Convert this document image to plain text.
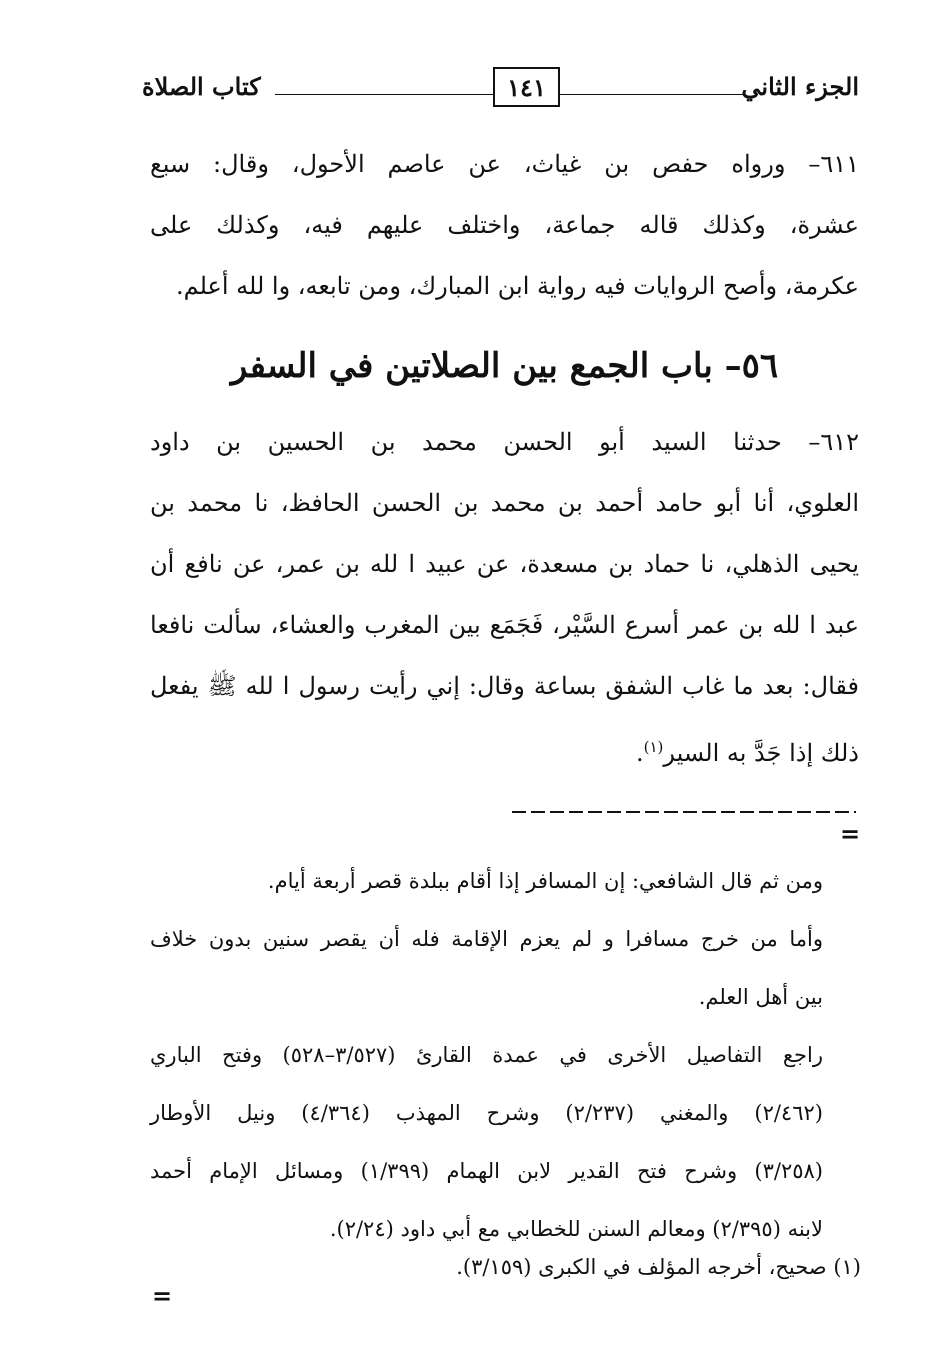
الجزء الثاني
١٤١
كتاب الصلاة
٦١١– ورواه حفص بن غياث، عن عاصم الأحول، وقال: سبع
عشرة، وكذلك قاله جماعة، واختلف عليهم فيه، وكذلك على
عكرمة، وأصح الروايات فيه رواية ابن المبارك، ومن تابعه، وا لله أعلم.
٥٦– باب الجمع بين الصلاتين في السفر
٦١٢– حدثنا السيد أبو الحسن محمد بن الحسين بن داود
العلوي، أنا أبو حامد أحمد بن محمد بن الحسن الحافظ، نا محمد بن
يحيى الذهلي، نا حماد بن مسعدة، عن عبيد ا لله بن عمر، عن نافع أن
عبد ا لله بن عمر أسرع السَّيْر، فَجَمَع بين المغرب والعشاء، سألت نافعا
فقال: بعد ما غاب الشفق بساعة وقال: إني رأيت رسول ا لله ﷺ يفعل
ذلك إذا جَدَّ به السير$^{(١)}$.
=
ومن ثم قال الشافعي: إن المسافر إذا أقام ببلدة قصر أربعة أيام.
وأما من خرج مسافرا و لم يعزم الإقامة فله أن يقصر سنين بدون خلاف
بين أهل العلم.
راجع التفاصيل الأخرى في عمدة القارئ (٣/٥٢٧–٥٢٨) وفتح الباري
(٢/٤٦٢) والمغني (٢/٢٣٧) وشرح المهذب (٤/٣٦٤) ونيل الأوطار
(٣/٢٥٨) وشرح فتح القدير لابن الهمام (١/٣٩٩) ومسائل الإمام أحمد
لابنه (٢/٣٩٥) ومعالم السنن للخطابي مع أبي داود (٢/٢٤).
(١) صحيح، أخرجه المؤلف في الكبرى (٣/١٥٩).
=
